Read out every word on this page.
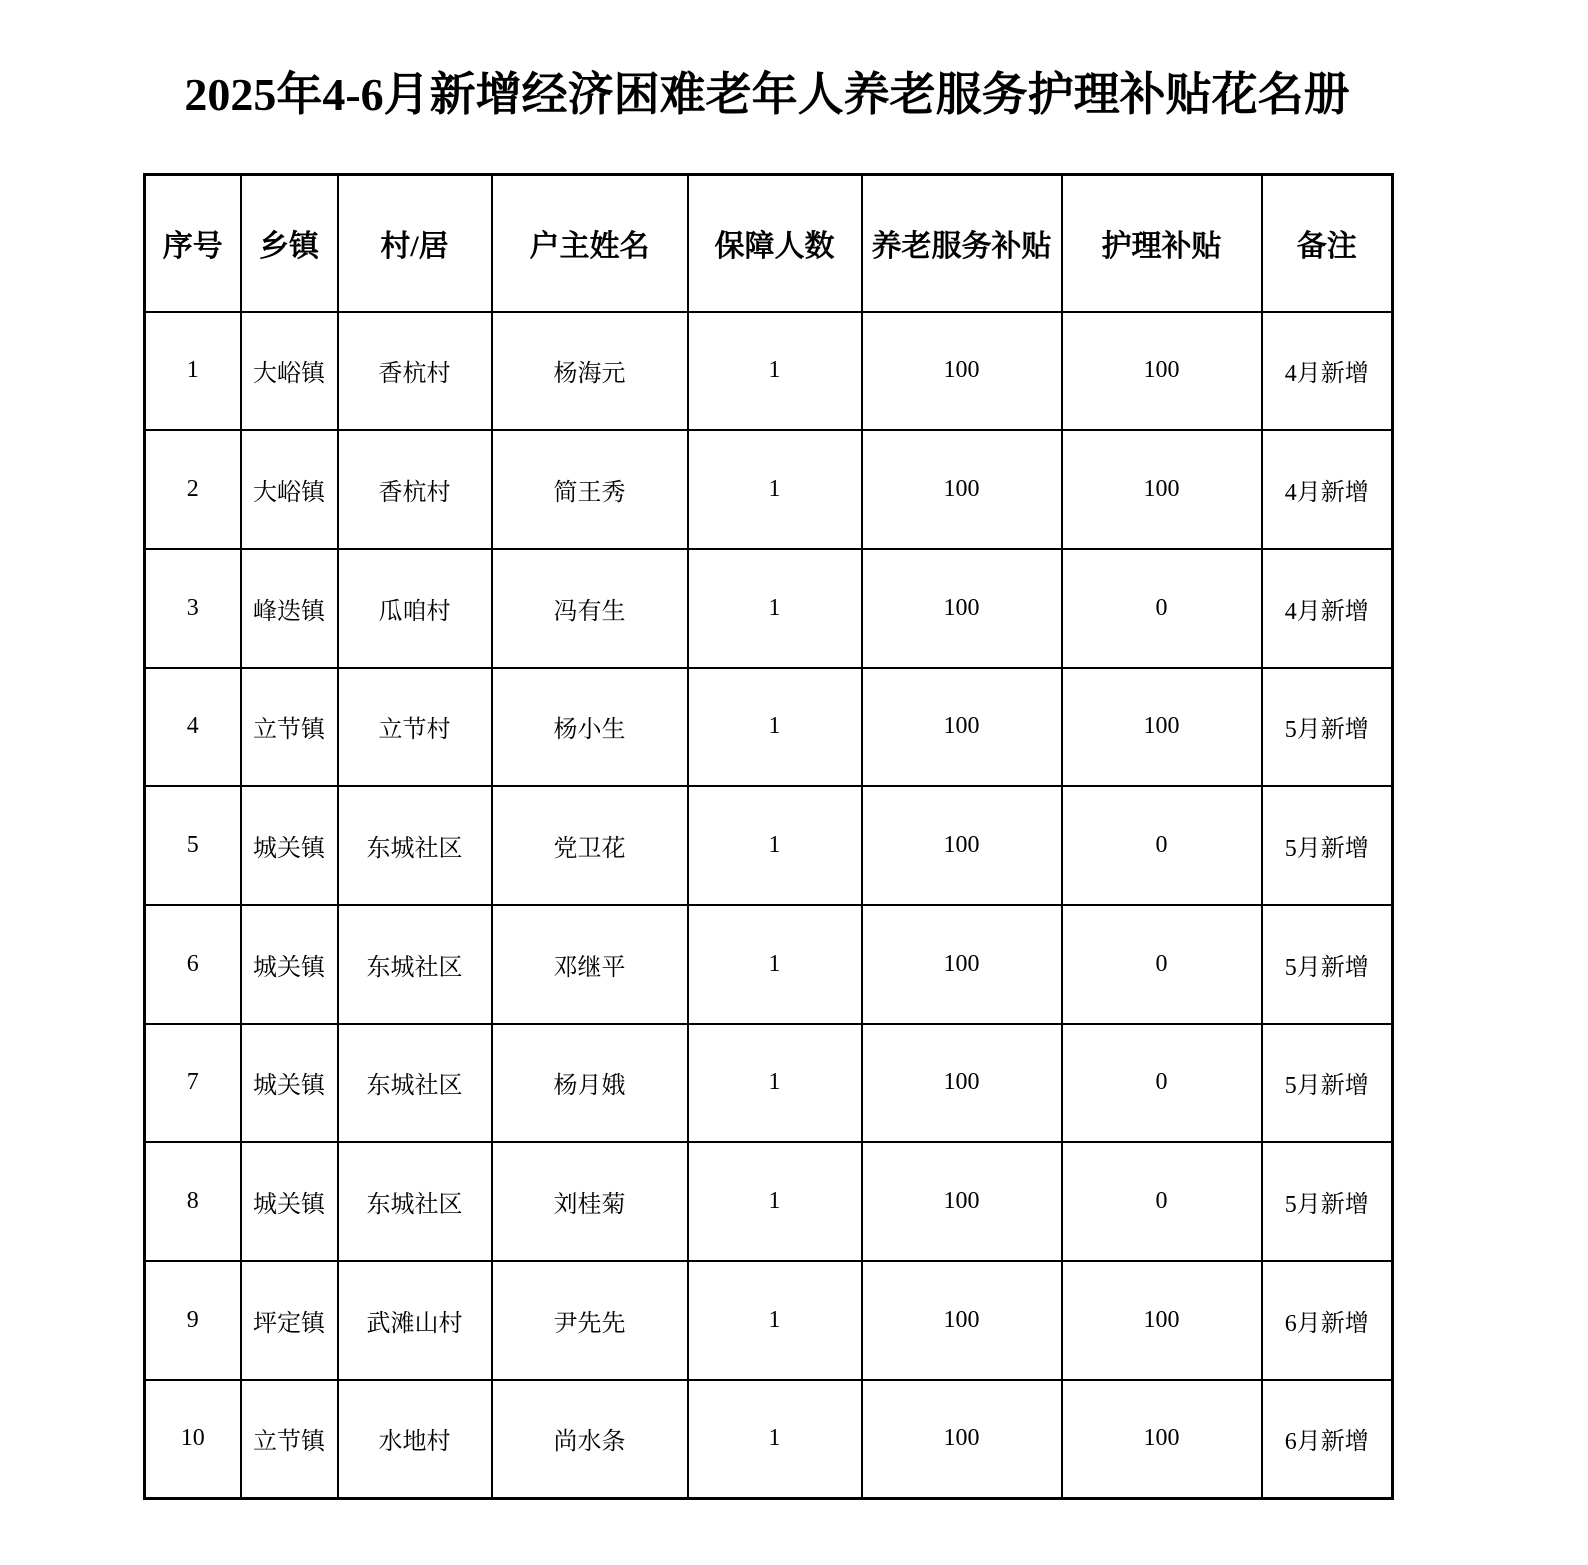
2025年4-6月新增经济困难老年人养老服务护理补贴花名册
序号	乡镇	村/居	户主姓名	保障人数	养老服务补贴	护理补贴	备注
1	大峪镇	香杭村	杨海元	1	100	100	4月新增
2	大峪镇	香杭村	简王秀	1	100	100	4月新增
3	峰迭镇	瓜咱村	冯有生	1	100	0	4月新增
4	立节镇	立节村	杨小生	1	100	100	5月新增
5	城关镇	东城社区	党卫花	1	100	0	5月新增
6	城关镇	东城社区	邓继平	1	100	0	5月新增
7	城关镇	东城社区	杨月娥	1	100	0	5月新增
8	城关镇	东城社区	刘桂菊	1	100	0	5月新增
9	坪定镇	武滩山村	尹先先	1	100	100	6月新增
10	立节镇	水地村	尚水条	1	100	100	6月新增
